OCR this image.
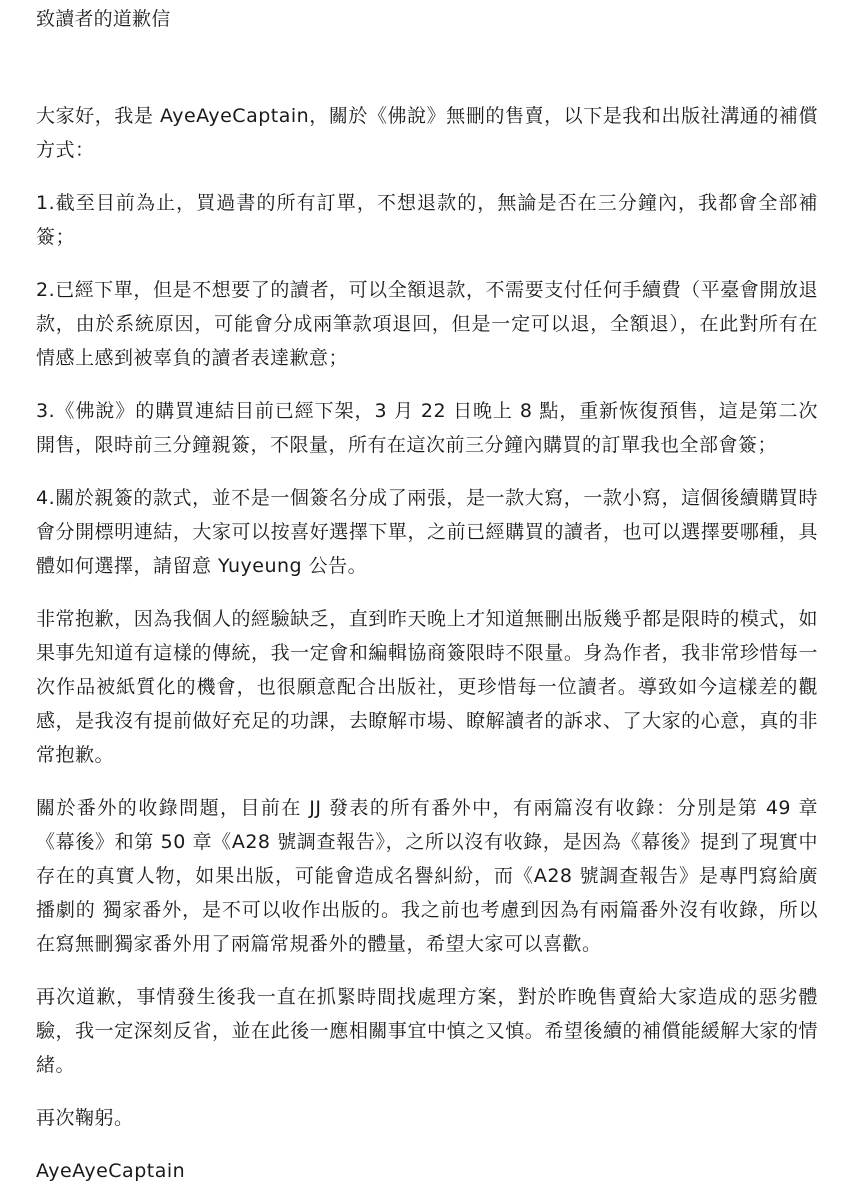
致讀者的道歉信

大家好，我是 AyeAyeCaptain，關於《佛說》無刪的售賣，以下是我和出版社溝通的補償方式：

1.截至目前為止，買過書的所有訂單，不想退款的，無論是否在三分鐘內，我都會全部補簽；

2.已經下單，但是不想要了的讀者，可以全額退款，不需要支付任何手續費（平臺會開放退款，由於系統原因，可能會分成兩筆款項退回，但是一定可以退，全額退），在此對所有在情感上感到被辜負的讀者表達歉意；

3.《佛說》的購買連結目前已經下架，3 月 22 日晚上 8 點，重新恢復預售，這是第二次開售，限時前三分鐘親簽，不限量，所有在這次前三分鐘內購買的訂單我也全部會簽；

4.關於親簽的款式，並不是一個簽名分成了兩張，是一款大寫，一款小寫，這個後續購買時會分開標明連結，大家可以按喜好選擇下單，之前已經購買的讀者，也可以選擇要哪種，具體如何選擇，請留意 Yuyeung 公告。

非常抱歉，因為我個人的經驗缺乏，直到昨天晚上才知道無刪出版幾乎都是限時的模式，如果事先知道有這樣的傳統，我一定會和編輯協商簽限時不限量。身為作者，我非常珍惜每一次作品被紙質化的機會，也很願意配合出版社，更珍惜每一位讀者。導致如今這樣差的觀感，是我沒有提前做好充足的功課，去瞭解市場、瞭解讀者的訴求、了大家的心意，真的非常抱歉。

關於番外的收錄問題，目前在 JJ 發表的所有番外中，有兩篇沒有收錄：分別是第 49 章《幕後》和第 50 章《A28 號調查報告》，之所以沒有收錄，是因為《幕後》提到了現實中存在的真實人物，如果出版，可能會造成名譽糾紛，而《A28 號調查報告》是專門寫給廣播劇的 獨家番外，是不可以收作出版的。我之前也考慮到因為有兩篇番外沒有收錄，所以在寫無刪獨家番外用了兩篇常規番外的體量，希望大家可以喜歡。

再次道歉，事情發生後我一直在抓緊時間找處理方案，對於昨晚售賣給大家造成的惡劣體驗，我一定深刻反省，並在此後一應相關事宜中慎之又慎。希望後續的補償能緩解大家的情緒。

再次鞠躬。

AyeAyeCaptain
